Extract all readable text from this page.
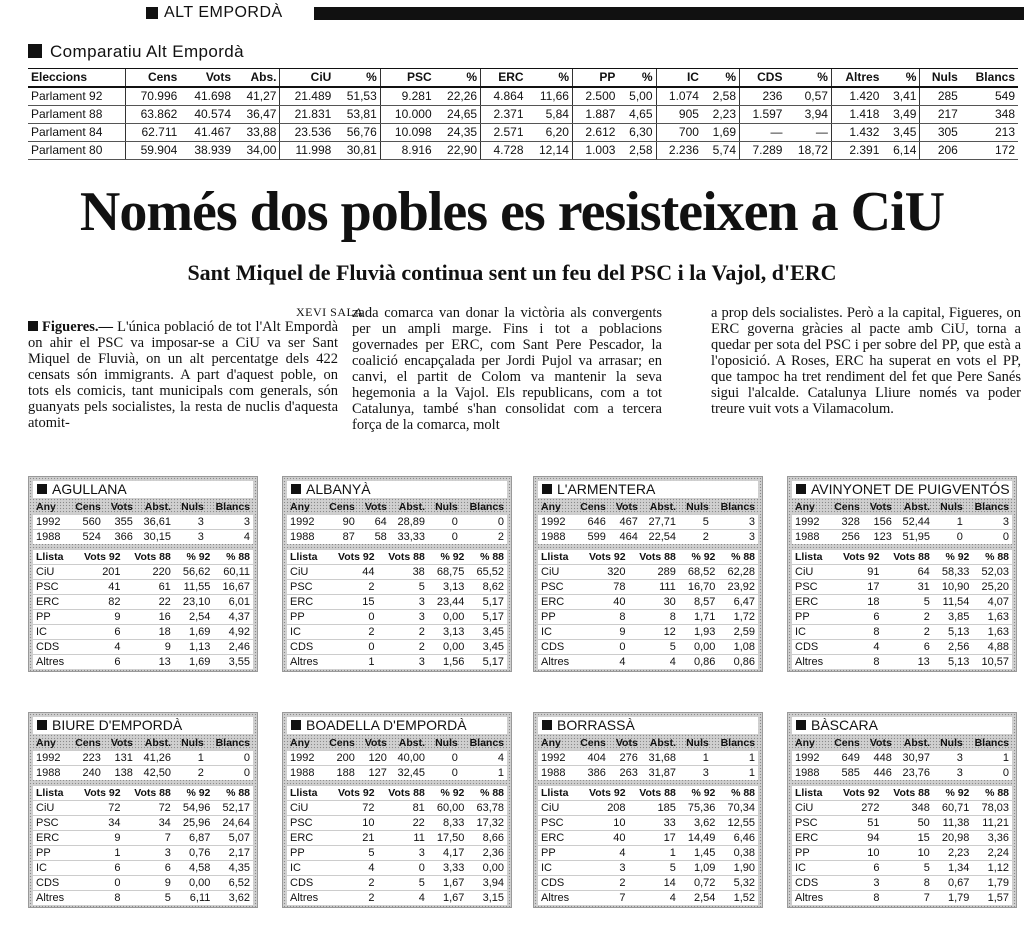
ALT EMPORDÀ
Comparatiu Alt Empordà
Eleccions	Cens	Vots	Abs.	CiU	%	PSC	%	ERC	%	PP	%	IC	%	CDS	%	Altres	%	Nuls	Blancs
Parlament 92	70.996	41.698	41,27	21.489	51,53	9.281	22,26	4.864	11,66	2.500	5,00	1.074	2,58	236	0,57	1.420	3,41	285	549
Parlament 88	63.862	40.574	36,47	21.831	53,81	10.000	24,65	2.371	5,84	1.887	4,65	905	2,23	1.597	3,94	1.418	3,49	217	348
Parlament 84	62.711	41.467	33,88	23.536	56,76	10.098	24,35	2.571	6,20	2.612	6,30	700	1,69	—	—	1.432	3,45	305	213
Parlament 80	59.904	38.939	34,00	11.998	30,81	8.916	22,90	4.728	12,14	1.003	2,58	2.236	5,74	7.289	18,72	2.391	6,14	206	172
Només dos pobles es resisteixen a CiU
Sant Miquel de Fluvià continua sent un feu del PSC i la Vajol, d'ERC
XEVI SALA
Figueres.— L'única població de tot l'Alt Empordà on ahir el PSC va imposar-se a CiU va ser Sant Miquel de Fluvià, on un alt percentatge dels 422 censats són immigrants. A part d'aquest poble, on tots els comicis, tant municipals com generals, són guanyats pels socialistes, la resta de nuclis d'aquesta atomit-
zada comarca van donar la victòria als convergents per un ampli marge. Fins i tot a poblacions governades per ERC, com Sant Pere Pescador, la coalició encapçalada per Jordi Pujol va arrasar; en canvi, el partit de Colom va mantenir la seva hegemonia a la Vajol. Els republicans, com a tot Catalunya, també s'han consolidat com a tercera força de la comarca, molt
a prop dels socialistes. Però a la capital, Figueres, on ERC governa gràcies al pacte amb CiU, torna a quedar per sota del PSC i per sobre del PP, que està a l'oposició. A Roses, ERC ha superat en vots el PP, que tampoc ha tret rendiment del fet que Pere Sanés sigui l'alcalde. Catalunya Lliure només va poder treure vuit vots a Vilamacolum.
AGULLANA
Any	Cens	Vots	Abst.	Nuls	Blancs
1992	560	355	36,61	3	3
1988	524	366	30,15	3	4
Llista	Vots 92	Vots 88	% 92	% 88
CiU	201	220	56,62	60,11
PSC	41	61	11,55	16,67
ERC	82	22	23,10	6,01
PP	9	16	2,54	4,37
IC	6	18	1,69	4,92
CDS	4	9	1,13	2,46
Altres	6	13	1,69	3,55
ALBANYÀ
Any	Cens	Vots	Abst.	Nuls	Blancs
1992	90	64	28,89	0	0
1988	87	58	33,33	0	2
Llista	Vots 92	Vots 88	% 92	% 88
CiU	44	38	68,75	65,52
PSC	2	5	3,13	8,62
ERC	15	3	23,44	5,17
PP	0	3	0,00	5,17
IC	2	2	3,13	3,45
CDS	0	2	0,00	3,45
Altres	1	3	1,56	5,17
L'ARMENTERA
Any	Cens	Vots	Abst.	Nuls	Blancs
1992	646	467	27,71	5	3
1988	599	464	22,54	2	3
Llista	Vots 92	Vots 88	% 92	% 88
CiU	320	289	68,52	62,28
PSC	78	111	16,70	23,92
ERC	40	30	8,57	6,47
PP	8	8	1,71	1,72
IC	9	12	1,93	2,59
CDS	0	5	0,00	1,08
Altres	4	4	0,86	0,86
AVINYONET DE PUIGVENTÓS
Any	Cens	Vots	Abst.	Nuls	Blancs
1992	328	156	52,44	1	3
1988	256	123	51,95	0	0
Llista	Vots 92	Vots 88	% 92	% 88
CiU	91	64	58,33	52,03
PSC	17	31	10,90	25,20
ERC	18	5	11,54	4,07
PP	6	2	3,85	1,63
IC	8	2	5,13	1,63
CDS	4	6	2,56	4,88
Altres	8	13	5,13	10,57
BIURE D'EMPORDÀ
Any	Cens	Vots	Abst.	Nuls	Blancs
1992	223	131	41,26	1	0
1988	240	138	42,50	2	0
Llista	Vots 92	Vots 88	% 92	% 88
CiU	72	72	54,96	52,17
PSC	34	34	25,96	24,64
ERC	9	7	6,87	5,07
PP	1	3	0,76	2,17
IC	6	6	4,58	4,35
CDS	0	9	0,00	6,52
Altres	8	5	6,11	3,62
BOADELLA D'EMPORDÀ
Any	Cens	Vots	Abst.	Nuls	Blancs
1992	200	120	40,00	0	4
1988	188	127	32,45	0	1
Llista	Vots 92	Vots 88	% 92	% 88
CiU	72	81	60,00	63,78
PSC	10	22	8,33	17,32
ERC	21	11	17,50	8,66
PP	5	3	4,17	2,36
IC	4	0	3,33	0,00
CDS	2	5	1,67	3,94
Altres	2	4	1,67	3,15
BORRASSÀ
Any	Cens	Vots	Abst.	Nuls	Blancs
1992	404	276	31,68	1	1
1988	386	263	31,87	3	1
Llista	Vots 92	Vots 88	% 92	% 88
CiU	208	185	75,36	70,34
PSC	10	33	3,62	12,55
ERC	40	17	14,49	6,46
PP	4	1	1,45	0,38
IC	3	5	1,09	1,90
CDS	2	14	0,72	5,32
Altres	7	4	2,54	1,52
BÀSCARA
Any	Cens	Vots	Abst.	Nuls	Blancs
1992	649	448	30,97	3	1
1988	585	446	23,76	3	0
Llista	Vots 92	Vots 88	% 92	% 88
CiU	272	348	60,71	78,03
PSC	51	50	11,38	11,21
ERC	94	15	20,98	3,36
PP	10	10	2,23	2,24
IC	6	5	1,34	1,12
CDS	3	8	0,67	1,79
Altres	8	7	1,79	1,57
